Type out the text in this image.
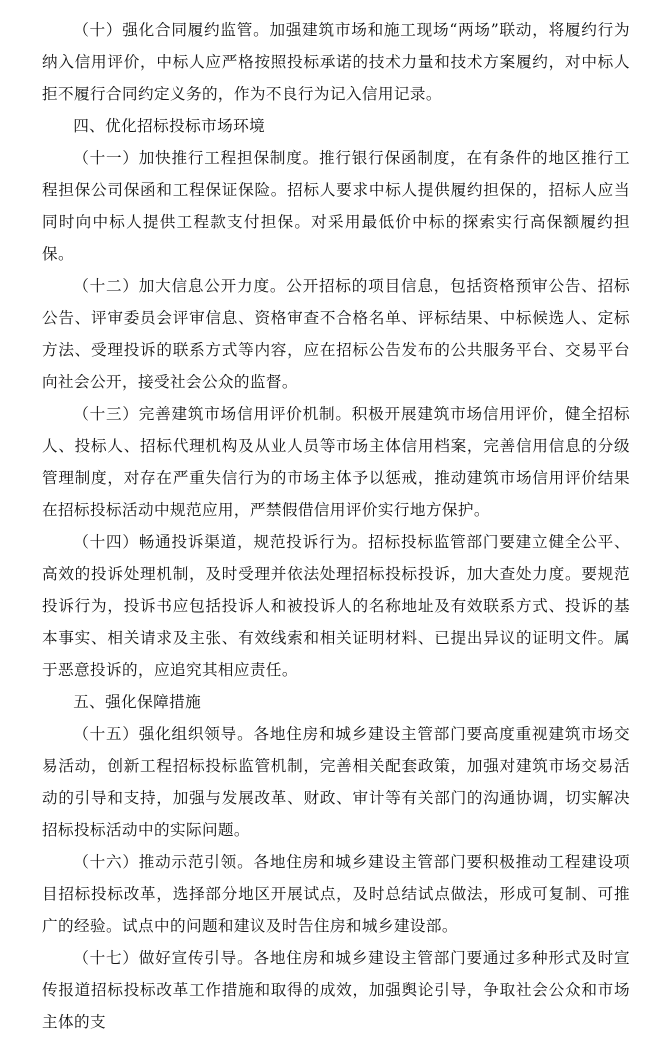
（十）强化合同履约监管。加强建筑市场和施工现场“两场”联动，将履约行为纳入信用评价，中标人应严格按照投标承诺的技术力量和技术方案履约，对中标人拒不履行合同约定义务的，作为不良行为记入信用记录。

四、优化招标投标市场环境

（十一）加快推行工程担保制度。推行银行保函制度，在有条件的地区推行工程担保公司保函和工程保证保险。招标人要求中标人提供履约担保的，招标人应当同时向中标人提供工程款支付担保。对采用最低价中标的探索实行高保额履约担保。

（十二）加大信息公开力度。公开招标的项目信息，包括资格预审公告、招标公告、评审委员会评审信息、资格审查不合格名单、评标结果、中标候选人、定标方法、受理投诉的联系方式等内容，应在招标公告发布的公共服务平台、交易平台向社会公开，接受社会公众的监督。

（十三）完善建筑市场信用评价机制。积极开展建筑市场信用评价，健全招标人、投标人、招标代理机构及从业人员等市场主体信用档案，完善信用信息的分级管理制度，对存在严重失信行为的市场主体予以惩戒，推动建筑市场信用评价结果在招标投标活动中规范应用，严禁假借信用评价实行地方保护。

（十四）畅通投诉渠道，规范投诉行为。招标投标监管部门要建立健全公平、高效的投诉处理机制，及时受理并依法处理招标投标投诉，加大查处力度。要规范投诉行为，投诉书应包括投诉人和被投诉人的名称地址及有效联系方式、投诉的基本事实、相关请求及主张、有效线索和相关证明材料、已提出异议的证明文件。属于恶意投诉的，应追究其相应责任。

五、强化保障措施

（十五）强化组织领导。各地住房和城乡建设主管部门要高度重视建筑市场交易活动，创新工程招标投标监管机制，完善相关配套政策，加强对建筑市场交易活动的引导和支持，加强与发展改革、财政、审计等有关部门的沟通协调，切实解决招标投标活动中的实际问题。

（十六）推动示范引领。各地住房和城乡建设主管部门要积极推动工程建设项目招标投标改革，选择部分地区开展试点，及时总结试点做法，形成可复制、可推广的经验。试点中的问题和建议及时告住房和城乡建设部。

（十七）做好宣传引导。各地住房和城乡建设主管部门要通过多种形式及时宣传报道招标投标改革工作措施和取得的成效，加强舆论引导，争取社会公众和市场主体的支
